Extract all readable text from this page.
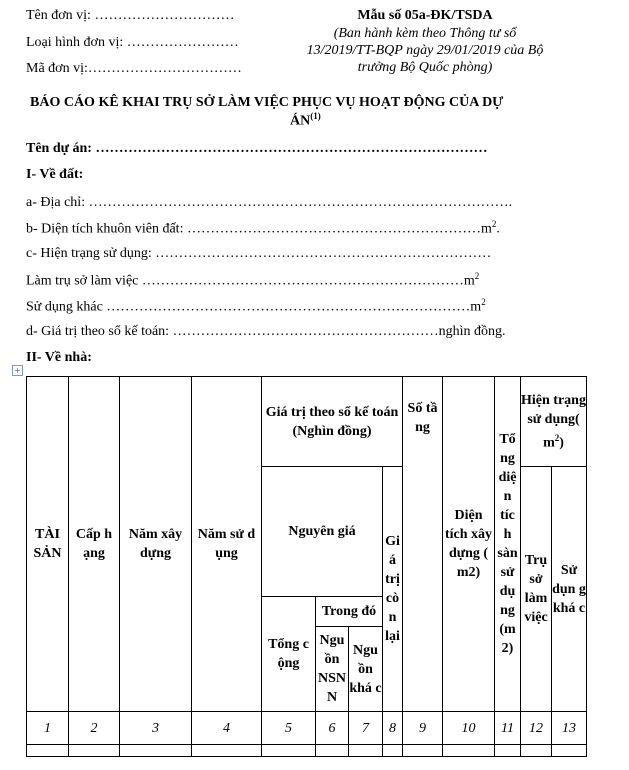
Tên đơn vị: …………………………
Loại hình đơn vị: ……………………
Mã đơn vị:……………………………
Mẫu số 05a-ĐK/TSDA
(Ban hành kèm theo Thông tư số
13/2019/TT-BQP ngày 29/01/2019 của Bộ
trưởng Bộ Quốc phòng)
BÁO CÁO KÊ KHAI TRỤ SỞ LÀM VIỆC PHỤC VỤ HOẠT ĐỘNG CỦA DỰ
ÁN$^{(1)}$
Tên dự án: …………………………………………………………………………
I- Về đất:
a- Địa chỉ: ……………………………………………………………………………….
b- Diện tích khuôn viên đất: $\dots\dots\dots\dots\dots\dots\dots\dots\dots\dots\dots\dots\dots\dots\dots\dots\dots\dots\dots\dots\dots m^2$.
c- Hiện trạng sử dụng: ………………………………………………………………
Làm trụ sở làm việc $\dots\dots\dots\dots\dots\dots\dots\dots\dots\dots\dots\dots\dots\dots\dots\dots\dots\dots\dots\dots\dots\dots\dots m^2$
Sử dụng khác $\dots\dots\dots\dots\dots\dots\dots\dots\dots\dots\dots\dots\dots\dots\dots\dots\dots\dots\dots\dots\dots\dots\dots\dots\dots\dots m^2$
d- Giá trị theo sổ kế toán: …………………………………………………nghìn đồng.
II- Về nhà:
+
TÀI SẢN	Cấp h ạng	Năm xây dựng	Năm sử d ụng	Giá trị theo sổ kế toán (Nghìn đồng)				Số tầ ng	Diện tích xây dựng ( m2)	Tổ ng diệ n tíc h sàn sử dụ ng (m 2)	Hiện trạng sử dụng( $m^2$)	
				Nguyên giá			Gi á trị cò n lại				Trụ sở làm việc	Sử dụn g khá c
				Tổng c ộng	Trong đó							
					Ngu ồn NSN N	Ngu ồn khá c						

1	2	3	4	5	6	7	8	9	10	11	12	13
